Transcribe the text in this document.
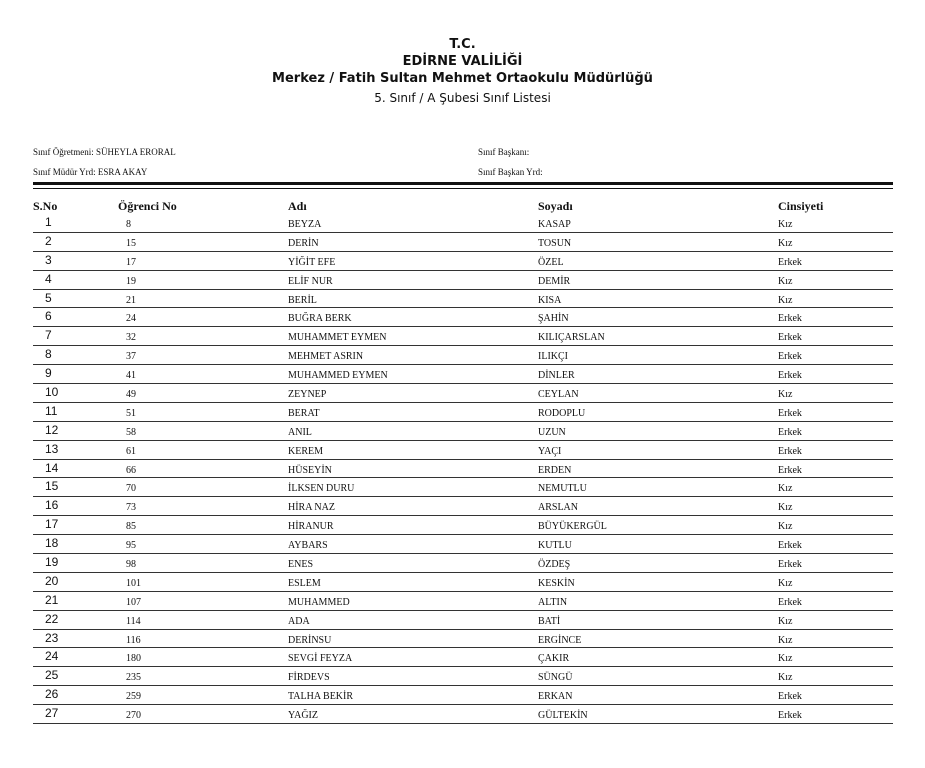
T.C.
EDİRNE VALİLİĞİ
Merkez / Fatih Sultan Mehmet Ortaokulu Müdürlüğü
5. Sınıf / A Şubesi Sınıf Listesi
Sınıf Öğretmeni: SÜHEYLA ERORAL
Sınıf Müdür Yrd: ESRA AKAY
Sınıf Başkanı:
Sınıf Başkan Yrd:
S.No	Öğrenci No	Adı	Soyadı	Cinsiyeti
1	8	BEYZA	KASAP	Kız
2	15	DERİN	TOSUN	Kız
3	17	YİĞİT EFE	ÖZEL	Erkek
4	19	ELİF NUR	DEMİR	Kız
5	21	BERİL	KISA	Kız
6	24	BUĞRA BERK	ŞAHİN	Erkek
7	32	MUHAMMET EYMEN	KILIÇARSLAN	Erkek
8	37	MEHMET ASRIN	ILIKÇI	Erkek
9	41	MUHAMMED EYMEN	DİNLER	Erkek
10	49	ZEYNEP	CEYLAN	Kız
11	51	BERAT	RODOPLU	Erkek
12	58	ANIL	UZUN	Erkek
13	61	KEREM	YAÇI	Erkek
14	66	HÜSEYİN	ERDEN	Erkek
15	70	İLKSEN DURU	NEMUTLU	Kız
16	73	HİRA NAZ	ARSLAN	Kız
17	85	HİRANUR	BÜYÜKERGÜL	Kız
18	95	AYBARS	KUTLU	Erkek
19	98	ENES	ÖZDEŞ	Erkek
20	101	ESLEM	KESKİN	Kız
21	107	MUHAMMED	ALTIN	Erkek
22	114	ADA	BATİ	Kız
23	116	DERİNSU	ERGİNCE	Kız
24	180	SEVGİ FEYZA	ÇAKIR	Kız
25	235	FİRDEVS	SÜNGÜ	Kız
26	259	TALHA BEKİR	ERKAN	Erkek
27	270	YAĞIZ	GÜLTEKİN	Erkek
